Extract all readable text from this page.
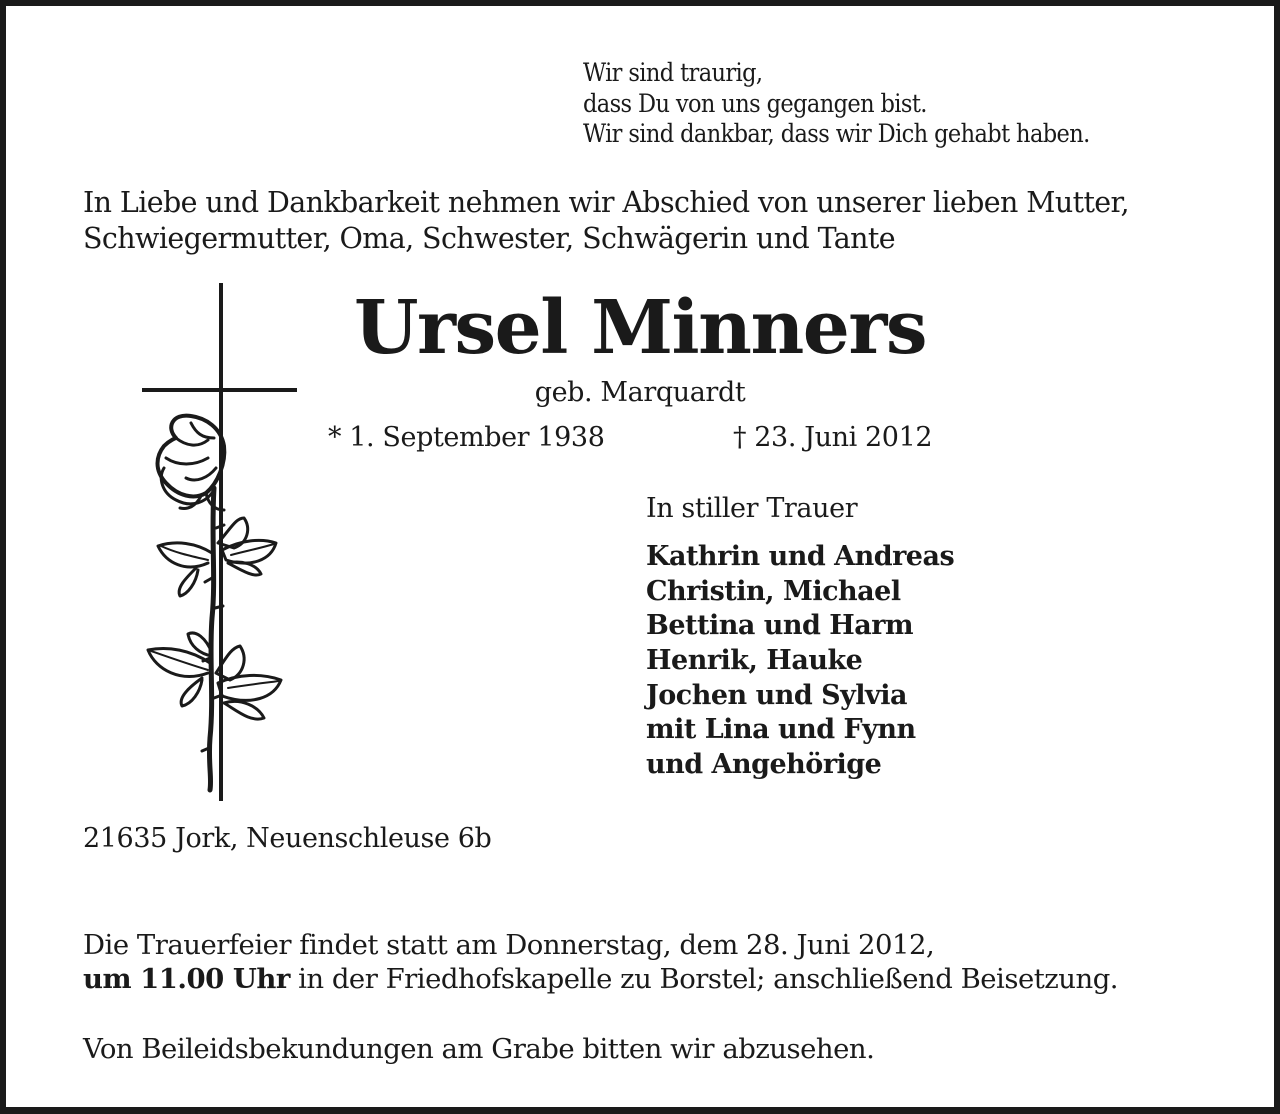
Wir sind traurig,
dass Du von uns gegangen bist.
Wir sind dankbar, dass wir Dich gehabt haben.
In Liebe und Dankbarkeit nehmen wir Abschied von unserer lieben Mutter,
Schwiegermutter, Oma, Schwester, Schwägerin und Tante
Ursel Minners
geb. Marquardt
* 1. September 1938	† 23. Juni 2012
In stiller Trauer
Kathrin und Andreas
Christin, Michael
Bettina und Harm
Henrik, Hauke
Jochen und Sylvia
mit Lina und Fynn
und Angehörige
21635 Jork, Neuenschleuse 6b
Die Trauerfeier findet statt am Donnerstag, dem 28. Juni 2012,
um 11.00 Uhr in der Friedhofskapelle zu Borstel; anschließend Beisetzung.
Von Beileidsbekundungen am Grabe bitten wir abzusehen.
